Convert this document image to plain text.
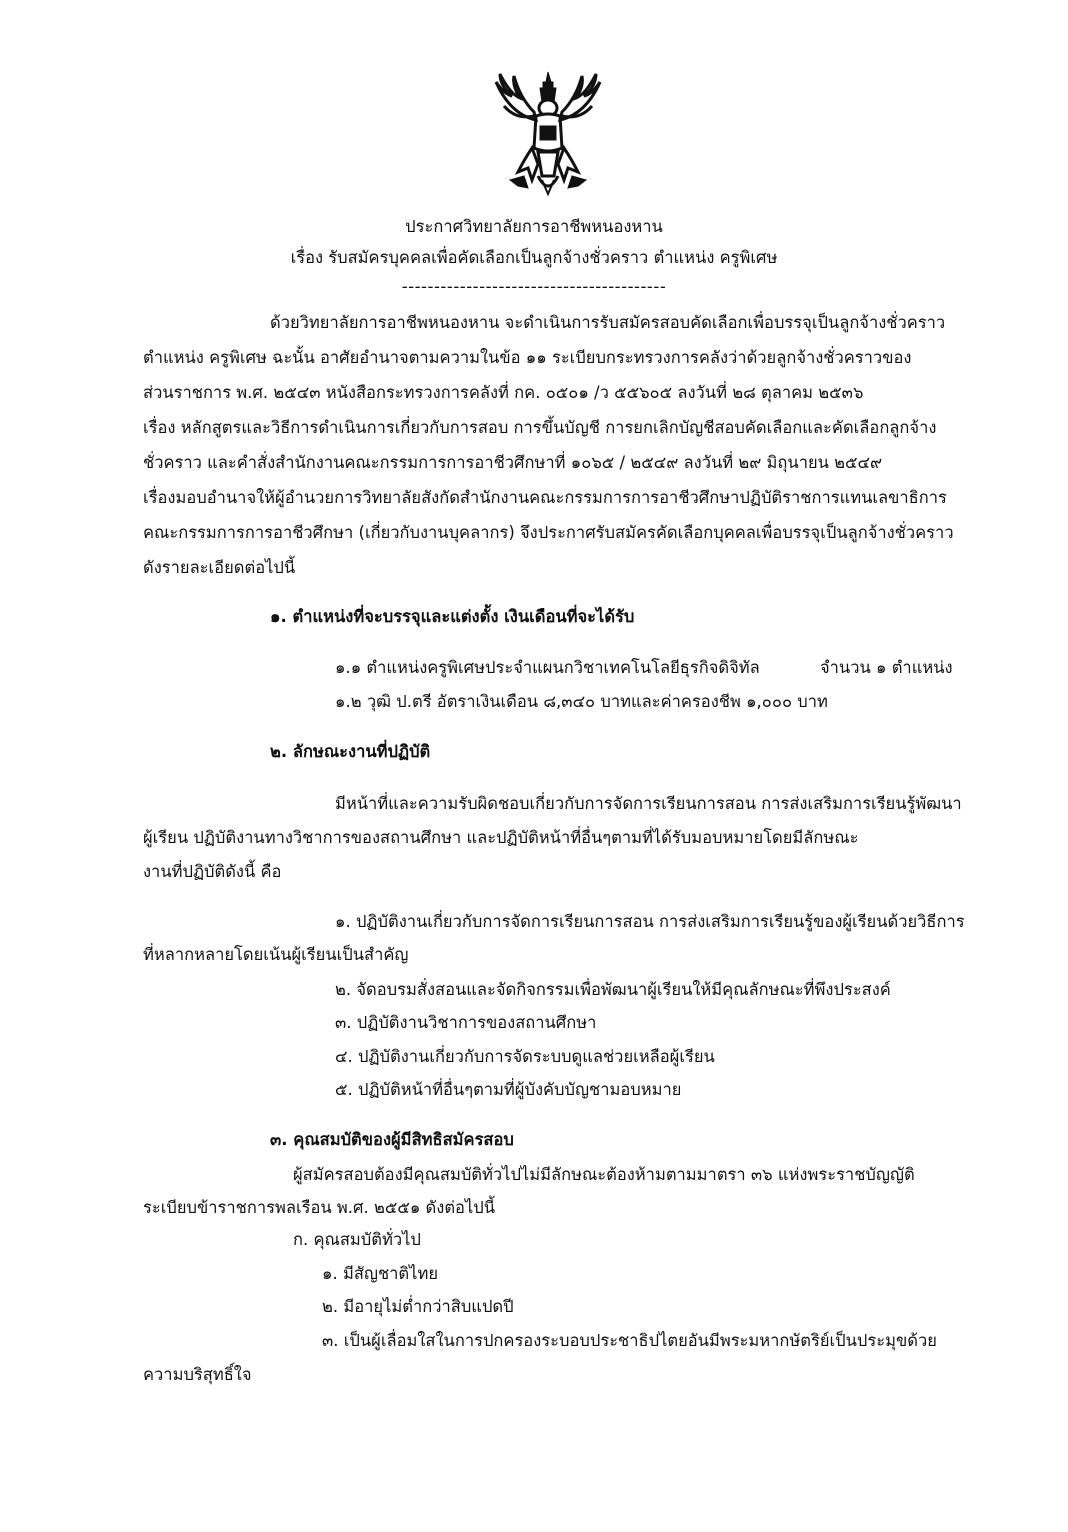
ประกาศวิทยาลัยการอาชีพหนองหาน
เรื่อง รับสมัครบุคคลเพื่อคัดเลือกเป็นลูกจ้างชั่วคราว ตำแหน่ง ครูพิเศษ
-----------------------------------------
ด้วยวิทยาลัยการอาชีพหนองหาน จะดำเนินการรับสมัครสอบคัดเลือกเพื่อบรรจุเป็นลูกจ้างชั่วคราว
ตำแหน่ง ครูพิเศษ ฉะนั้น อาศัยอำนาจตามความในข้อ ๑๑ ระเบียบกระทรวงการคลังว่าด้วยลูกจ้างชั่วคราวของ
ส่วนราชการ พ.ศ. ๒๕๔๓ หนังสือกระทรวงการคลังที่ กค. ๐๕๐๑ /ว ๕๕๖๐๕ ลงวันที่ ๒๘ ตุลาคม ๒๕๓๖
เรื่อง หลักสูตรและวิธีการดำเนินการเกี่ยวกับการสอบ การขึ้นบัญชี การยกเลิกบัญชีสอบคัดเลือกและคัดเลือกลูกจ้าง
ชั่วคราว และคำสั่งสำนักงานคณะกรรมการการอาชีวศึกษาที่ ๑๐๖๕ / ๒๕๔๙ ลงวันที่ ๒๙ มิถุนายน ๒๕๔๙
เรื่องมอบอำนาจให้ผู้อำนวยการวิทยาลัยสังกัดสำนักงานคณะกรรมการการอาชีวศึกษาปฏิบัติราชการแทนเลขาธิการ
คณะกรรมการการอาชีวศึกษา (เกี่ยวกับงานบุคลากร) จึงประกาศรับสมัครคัดเลือกบุคคลเพื่อบรรจุเป็นลูกจ้างชั่วคราว
ดังรายละเอียดต่อไปนี้
๑. ตำแหน่งที่จะบรรจุและแต่งตั้ง เงินเดือนที่จะได้รับ
๑.๑ ตำแหน่งครูพิเศษประจำแผนกวิชาเทคโนโลยีธุรกิจดิจิทัล	จำนวน ๑ ตำแหน่ง
๑.๒ วุฒิ ป.ตรี อัตราเงินเดือน ๘,๓๔๐ บาทและค่าครองชีพ ๑,๐๐๐ บาท
๒. ลักษณะงานที่ปฏิบัติ
มีหน้าที่และความรับผิดชอบเกี่ยวกับการจัดการเรียนการสอน การส่งเสริมการเรียนรู้พัฒนา
ผู้เรียน ปฏิบัติงานทางวิชาการของสถานศึกษา และปฏิบัติหน้าที่อื่นๆตามที่ได้รับมอบหมายโดยมีลักษณะ
งานที่ปฏิบัติดังนี้ คือ
๑. ปฏิบัติงานเกี่ยวกับการจัดการเรียนการสอน การส่งเสริมการเรียนรู้ของผู้เรียนด้วยวิธีการ
ที่หลากหลายโดยเน้นผู้เรียนเป็นสำคัญ
๒. จัดอบรมสั่งสอนและจัดกิจกรรมเพื่อพัฒนาผู้เรียนให้มีคุณลักษณะที่พึงประสงค์
๓. ปฏิบัติงานวิชาการของสถานศึกษา
๔. ปฏิบัติงานเกี่ยวกับการจัดระบบดูแลช่วยเหลือผู้เรียน
๕. ปฏิบัติหน้าที่อื่นๆตามที่ผู้บังคับบัญชามอบหมาย
๓. คุณสมบัติของผู้มีสิทธิสมัครสอบ
ผู้สมัครสอบต้องมีคุณสมบัติทั่วไปไม่มีลักษณะต้องห้ามตามมาตรา ๓๖ แห่งพระราชบัญญัติ
ระเบียบข้าราชการพลเรือน พ.ศ. ๒๕๕๑ ดังต่อไปนี้
ก. คุณสมบัติทั่วไป
๑. มีสัญชาติไทย
๒. มีอายุไม่ต่ำกว่าสิบแปดปี
๓. เป็นผู้เลื่อมใสในการปกครองระบอบประชาธิปไตยอันมีพระมหากษัตริย์เป็นประมุขด้วย
ความบริสุทธิ์ใจ
